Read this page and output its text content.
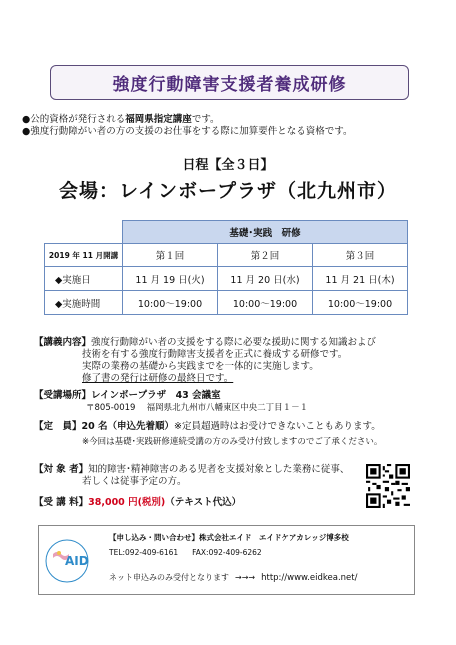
強度行動障害支援者養成研修
●公的資格が発行される福岡県指定講座です。
●強度行動障がい者の方の支援のお仕事をする際に加算要件となる資格です。
日程【全３日】
会場：レインボープラザ（北九州市）
	基礎･実践　研修		
2019 年 11 月開講	第１回	第２回	第３回
◆実施日	11 月 19 日(火)	11 月 20 日(水)	11 月 21 日(木)
◆実施時間	10:00～19:00	10:00～19:00	10:00～19:00
【講義内容】強度行動障がい者の支援をする際に必要な援助に関する知識および
技術を有する強度行動障害支援者を正式に養成する研修です。
実際の業務の基礎から実践までを一体的に実施します。
修了書の発行は研修の最終日です。
【受講場所】レインボープラザ　43 会議室
〒805-0019　 福岡県北九州市八幡東区中央二丁目１－１
【定　員】20 名（申込先着順）※定員超過時はお受けできないこともあります。
※今回は基礎･実践研修連続受講の方のみ受け付致しますのでご了承ください。
【対 象 者】知的障害･精神障害のある児者を支援対象とした業務に従事、
若しくは従事予定の方。
【受 講 料】38,000 円(税別)（テキスト代込）
AID
【申し込み・問い合わせ】株式会社エイド　エイドケアカレッジ博多校
TEL:092-409-6161 FAX:092-409-6262
ネット申込みのみ受付となります →→→ http://www.eidkea.net/
